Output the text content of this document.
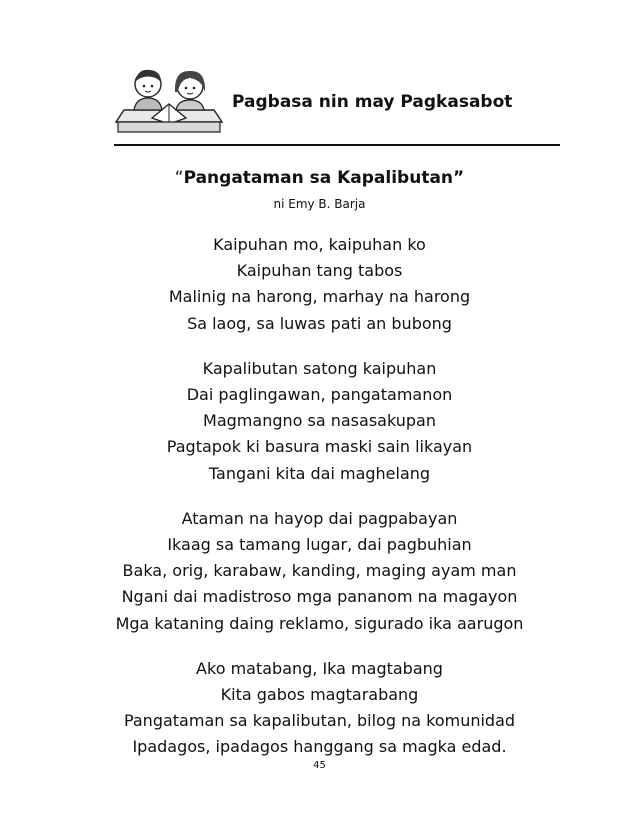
Pagbasa nin may Pagkasabot
“Pangataman sa Kapalibutan”
ni Emy B. Barja
Kaipuhan mo, kaipuhan ko
Kaipuhan tang tabos
Malinig na harong, marhay na harong
Sa laog, sa luwas pati an bubong
Kapalibutan satong kaipuhan
Dai paglingawan, pangatamanon
Magmangno sa nasasakupan
Pagtapok ki basura maski sain likayan
Tangani kita dai maghelang
Ataman na hayop dai pagpabayan
Ikaag sa tamang lugar, dai pagbuhian
Baka, orig, karabaw, kanding, maging ayam man
Ngani dai madistroso mga pananom na magayon
Mga kataning daing reklamo, sigurado ika aarugon
Ako matabang, Ika magtabang
Kita gabos magtarabang
Pangataman sa kapalibutan, bilog na komunidad
Ipadagos, ipadagos hanggang sa magka edad.
45
